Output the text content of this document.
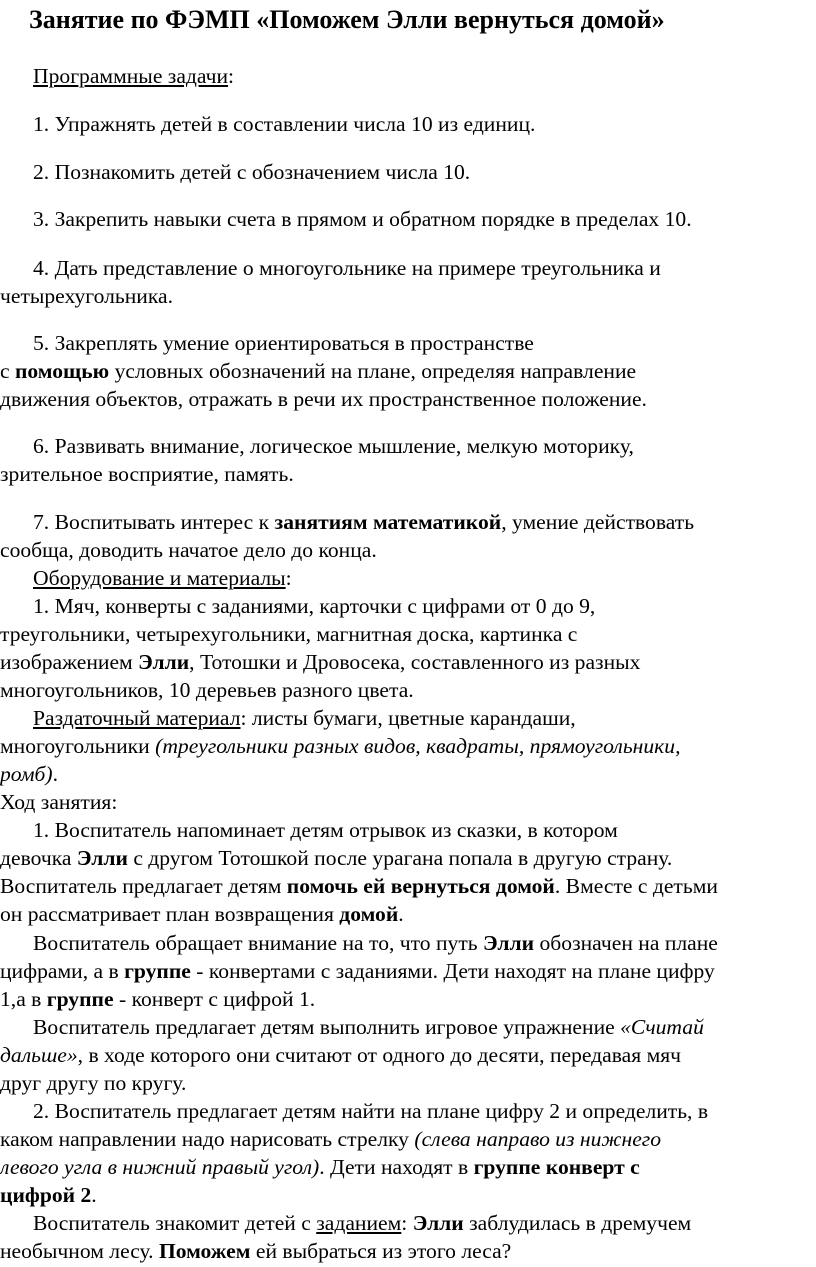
Занятие по ФЭМП «Поможем Элли вернуться домой»
Программные задачи:
1. Упражнять детей в составлении числа 10 из единиц.
2. Познакомить детей с обозначением числа 10.
3. Закрепить навыки счета в прямом и обратном порядке в пределах 10.
4. Дать представление о многоугольнике на примере треугольника и
четырехугольника.
5. Закреплять умение ориентироваться в пространстве
с помощью условных обозначений на плане, определяя направление
движения объектов, отражать в речи их пространственное положение.
6. Развивать внимание, логическое мышление, мелкую моторику,
зрительное восприятие, память.
7. Воспитывать интерес к занятиям математикой, умение действовать
сообща, доводить начатое дело до конца.
Оборудование и материалы:
1. Мяч, конверты с заданиями, карточки с цифрами от 0 до 9,
треугольники, четырехугольники, магнитная доска, картинка с
изображением Элли, Тотошки и Дровосека, составленного из разных
многоугольников, 10 деревьев разного цвета.
Раздаточный материал: листы бумаги, цветные карандаши,
многоугольники (треугольники разных видов, квадраты, прямоугольники,
ромб).
Ход занятия:
1. Воспитатель напоминает детям отрывок из сказки, в котором
девочка Элли с другом Тотошкой после урагана попала в другую страну.
Воспитатель предлагает детям помочь ей вернуться домой. Вместе с детьми
он рассматривает план возвращения домой.
Воспитатель обращает внимание на то, что путь Элли обозначен на плане
цифрами, а в группе - конвертами с заданиями. Дети находят на плане цифру
1,а в группе - конверт с цифрой 1.
Воспитатель предлагает детям выполнить игровое упражнение «Считай
дальше», в ходе которого они считают от одного до десяти, передавая мяч
друг другу по кругу.
2. Воспитатель предлагает детям найти на плане цифру 2 и определить, в
каком направлении надо нарисовать стрелку (слева направо из нижнего
левого угла в нижний правый угол). Дети находят в группе конверт с
цифрой 2.
Воспитатель знакомит детей с заданием: Элли заблудилась в дремучем
необычном лесу. Поможем ей выбраться из этого леса?
